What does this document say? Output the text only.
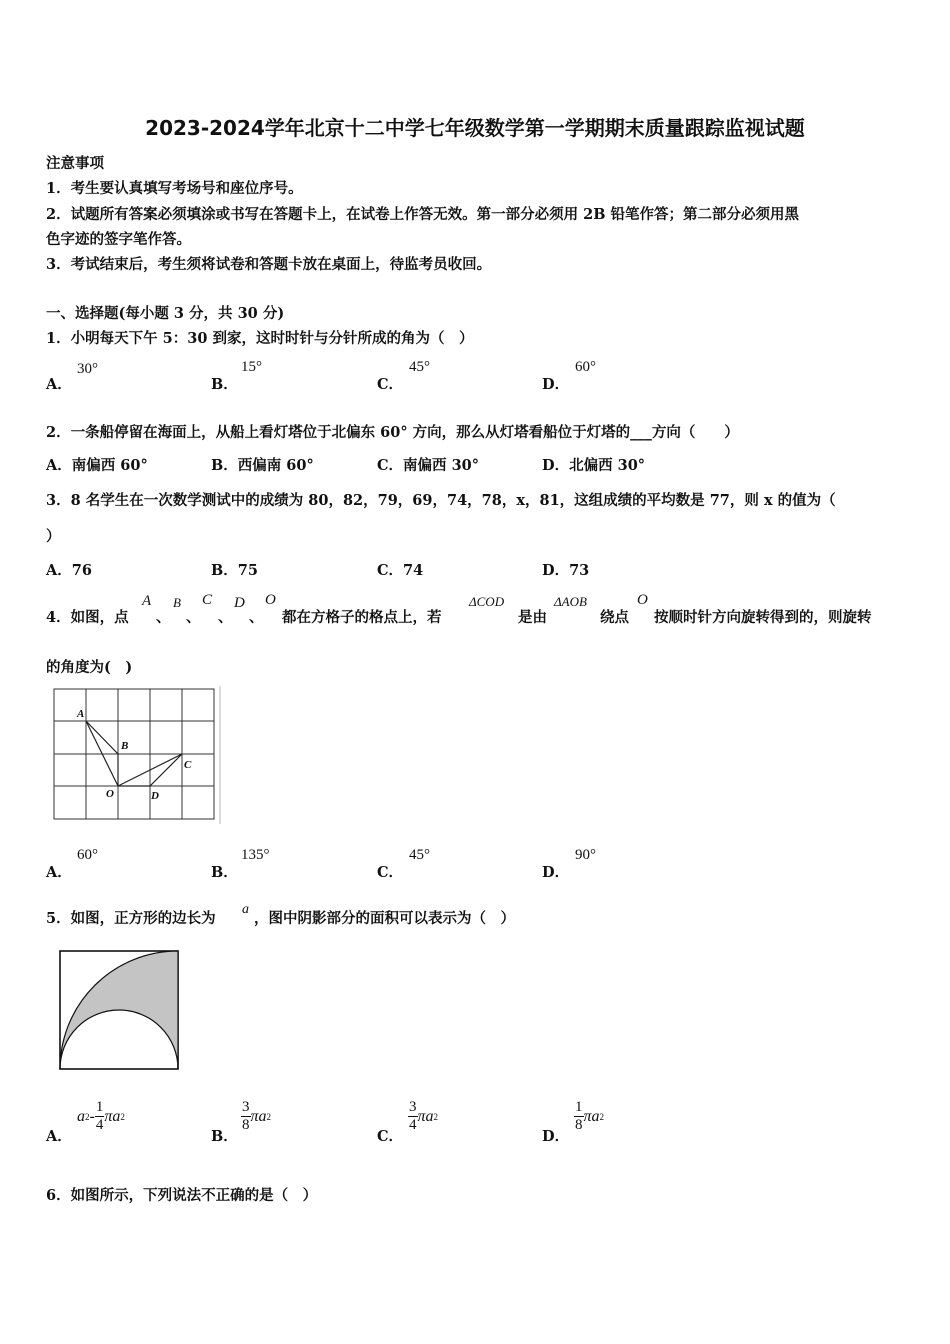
2023-2024学年北京十二中学七年级数学第一学期期末质量跟踪监视试题
注意事项
1．考生要认真填写考场号和座位序号。
2．试题所有答案必须填涂或书写在答题卡上，在试卷上作答无效。第一部分必须用 2B 铅笔作答；第二部分必须用黑
色字迹的签字笔作答。
3．考试结束后，考生须将试卷和答题卡放在桌面上，待监考员收回。
一、选择题(每小题 3 分，共 30 分)
1．小明每天下午 5：30 到家，这时时针与分针所成的角为（　）
A．
30°
B．
15°
C．
45°
D．
60°
2．一条船停留在海面上，从船上看灯塔位于北偏东 60° 方向，那么从灯塔看船位于灯塔的___方向（　　）
A．南偏西 60°	B．西偏南 60°	C．南偏西 30°	D．北偏西 30°
3．8 名学生在一次数学测试中的成绩为 80，82，79，69，74，78，x，81，这组成绩的平均数是 77，则 x 的值为（
）
A．76	B．75	C．74	D．73
4．如图，点
A
、
B
、
C
、
D
、
O
都在方格子的格点上，若
ΔCOD
是由
ΔAOB
绕点
O
按顺时针方向旋转得到的，则旋转
的角度为(　)
A
B
C
O	D
A．
60°
B．
135°
C．
45°
D．
90°
5．如图，正方形的边长为
a
，图中阴影部分的面积可以表示为（　）
A．
a $2 - \frac{1}{4}$ πa 2
B．
$\frac{3}{8}$ πa 2
C．
$\frac{3}{4}$ πa 2
D．
$\frac{1}{8}$ πa 2
6．如图所示，下列说法不正确的是（　）
